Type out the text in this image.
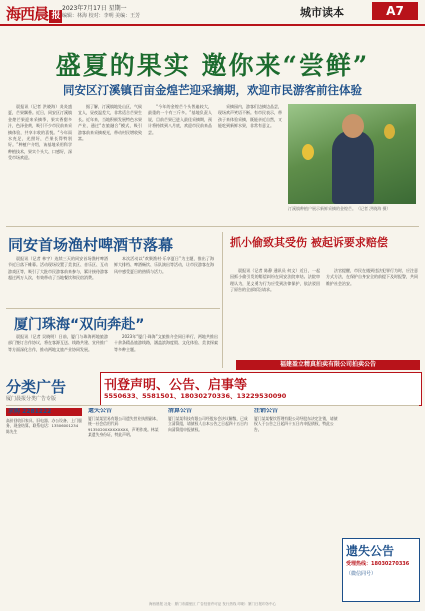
海西晨 报
2023年7月17日 星期一
编辑：林海 校对：李明 美编：王芳	城市读本	A7
盛夏的果实 邀你来“尝鲜”
同安区汀溪镇百亩金煌芒迎采摘期，欢迎市民游客前往体验

晨报讯（记者 洪晓海）炎炎盛夏，芒果飘香。近日，同安区汀溪镇金煌芒果迎来采摘季，果实香甜多汁，色泽金黄，吸引不少市民前来采摘体验，共享丰收的喜悦。“今年雨水充足，光照好，芒果长得特别好。”种植户介绍，该基地采用科学种植技术，果实个头大、口感好，深受市场欢迎。

据了解，汀溪镇地处山区，气候宜人，昼夜温差大，非常适合芒果生长。近年来，当地积极发展特色水果产业，通过“农旅融合”模式，吸引游客前来采摘观光，带动村民增收致富。

“今年的金煌芒个头普遍较大，最重的一个有三斤多。”基地负责人说，目前芒果已进入最佳采摘期，预计将持续到八月底，欢迎市民前来品尝。

采摘园内，游客们边摘边品尝，现场欢声笑语不断。有市民表示，带孩子来体验采摘，既能亲近自然，又能吃到新鲜水果，非常有意义。

汀溪镇种植户展示新鲜采摘的金煌芒。（记者 洪晓海 摄）
同安首场渔村啤酒节落幕

晨报讯（记者 林宇）连续三天的同安首场渔村啤酒节近日落下帷幕。活动现场设置了美食区、音乐区、互动游戏区等，吸引了大批市民游客前来参与，累计接待游客超过两万人次，有效带动了当地餐饮和民宿消费。

本次活动以“欢聚渔村·乐享夏日”为主题，推出了海鲜大排档、啤酒畅饮、乐队演出等活动，让市民游客在海风中感受夏日的热情与活力。

抓小偷致其受伤 被起诉要求赔偿

晨报讯（记者 陈静 通讯员 何文）近日，一起因抓小偷引发的赔偿纠纷在同安法院审结。法院审理认为，见义勇为行为应受到法律保护，依法驳回了原告的全部诉讼请求。

法官提醒，市民在遇到违法犯罪行为时，应注意方式方法，在保护自身安全的前提下及时报警，共同维护社会治安。

厦门珠海“双向奔赴”

晨报讯（记者 吴晓明）日前，厦门与珠海两地旅游部门签订合作协议，将在客源互送、线路共建、宣传推广等方面深化合作，推动两地文旅产业协同发展。

2023年“厦门·珠海”文旅推介会同日举行，两地共推出十余条精品旅游线路，涵盖滨海度假、文化体验、美食探索等多种主题。

福建盈立精真拍卖有限公司拍卖公告
分类广告
厦门晨报分类广告专版
刊登声明、公告、启事等
5550633、5581501、18030270336、13229530090
求购 2281222
高价回收旧家具、旧电器、办公设备，上门服务，现金结算。联系电话：13506001234 陈先生
遗失公告
厦门某某贸易有限公司遗失营业执照副本，统一社会信用代码91350200XXXXXXXX，声明作废。林某某遗失身份证，特此声明。
清算公告
厦门某某科技有限公司经股东会决议解散，已成立清算组，请债权人自本公告之日起四十五日内向清算组申报债权。
注销公告
厦门某某餐饮管理有限公司经股东决定注销，请债权人于公告之日起四十五日内申报债权，特此公告。
遗失公告
受理热线：18030270336
（微信同号）
海西晨报 社址：厦门市湖里区 广告经营许可证 发行热线 印刷：厦门日报印务中心
